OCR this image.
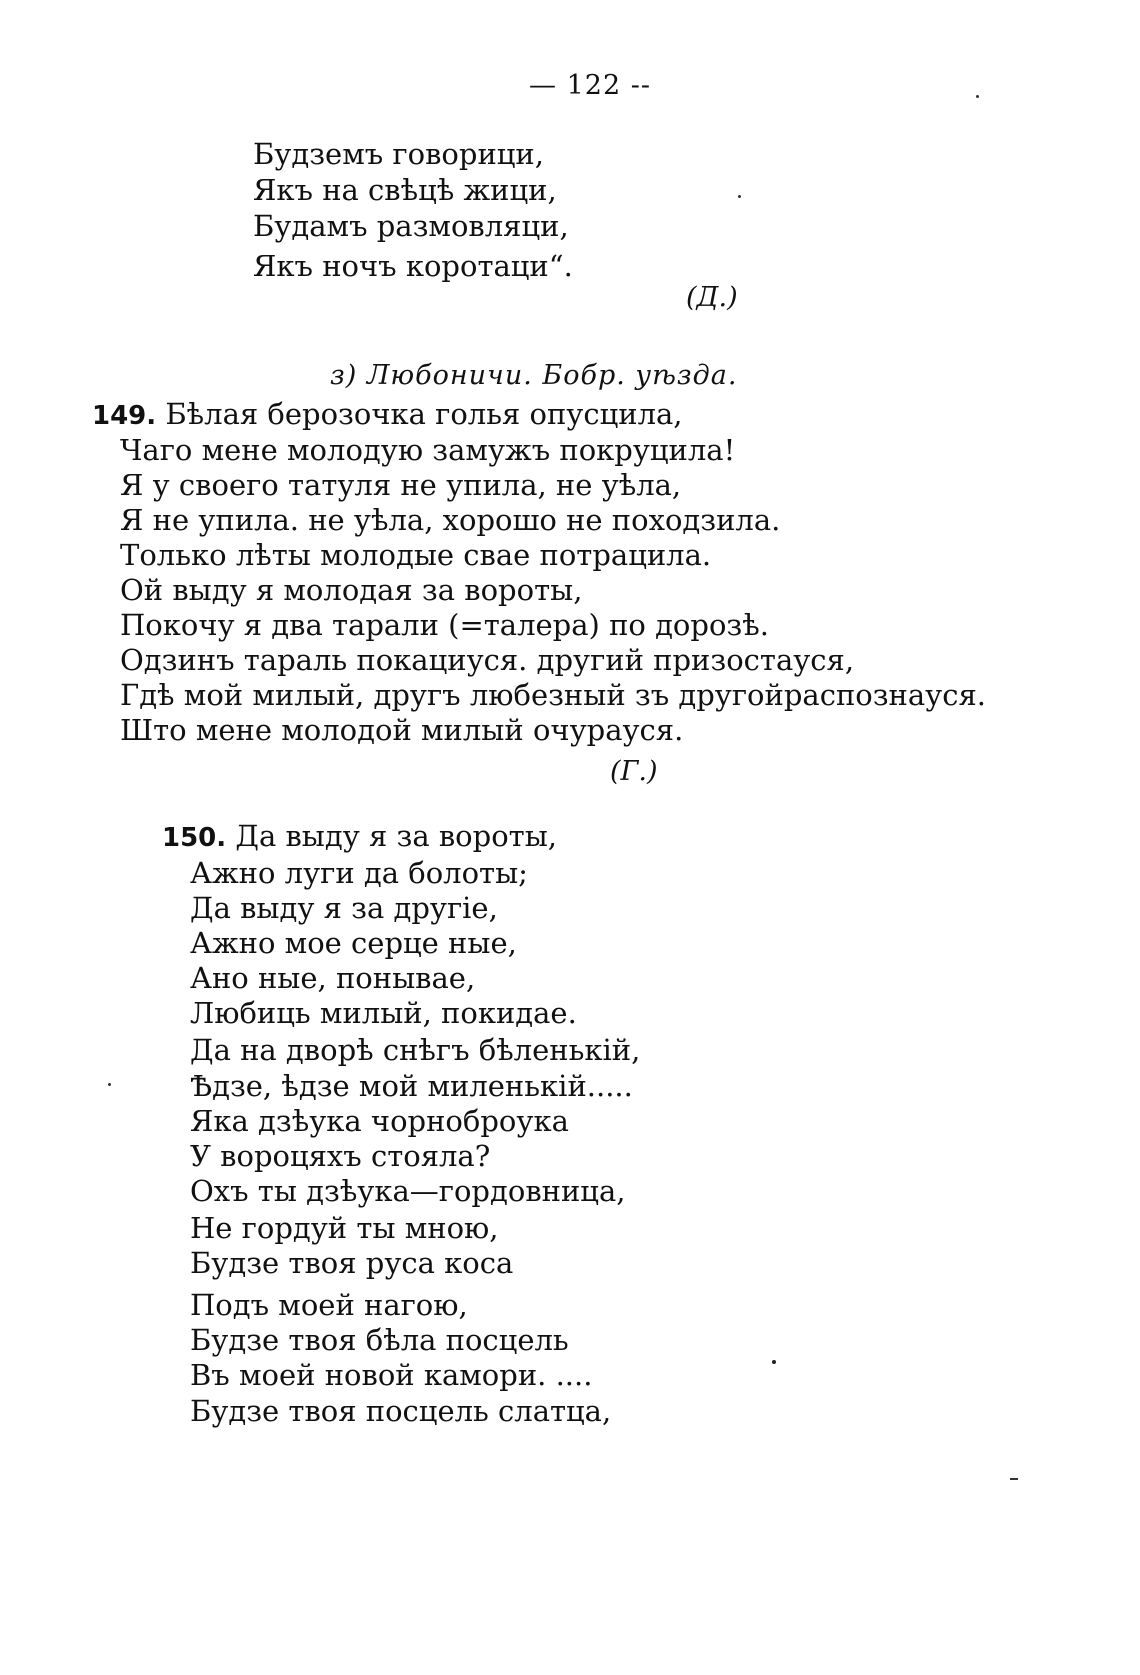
— 122 --
Будземъ говорици,
Якъ на свѣцѣ жици,
Будамъ размовляци,
Якъ ночъ коротаци“.
(Д.)
з) Любоничи. Бобр. уѣзда.
149. Бѣлая берозочка голья опусцила,
Чаго мене молодую замужъ покруцила!
Я у своего татуля не упила, не уѣла,
Я не упила. не уѣла, хорошо не походзила.
Только лѣты молодые свае потрацила.
Ой выду я молодая за вороты,
Покочу я два тарали (=талера) по дорозѣ.
Одзинъ тараль покациуся. другий призостауся,
Гдѣ мой милый, другъ любезный зъ другойраспознауся.
Што мене молодой милый очурауся.
(Г.)
150. Да выду я за вороты,
Ажно луги да болоты;
Да выду я за другіе,
Ажно мое серце ные,
Ано ные, понывае,
Любиць милый, покидае.
Да на дворѣ снѣгъ бѣленькій,
Ѣдзе, ѣдзе мой миленькій.....
Яка дзѣука чорноброука
У вороцяхъ стояла?
Охъ ты дзѣука—гордовница,
Не гордуй ты мною,
Будзе твоя руса коса
Подъ моей нагою,
Будзе твоя бѣла посцель
Въ моей новой камори. ....
Будзе твоя посцель слатца,
